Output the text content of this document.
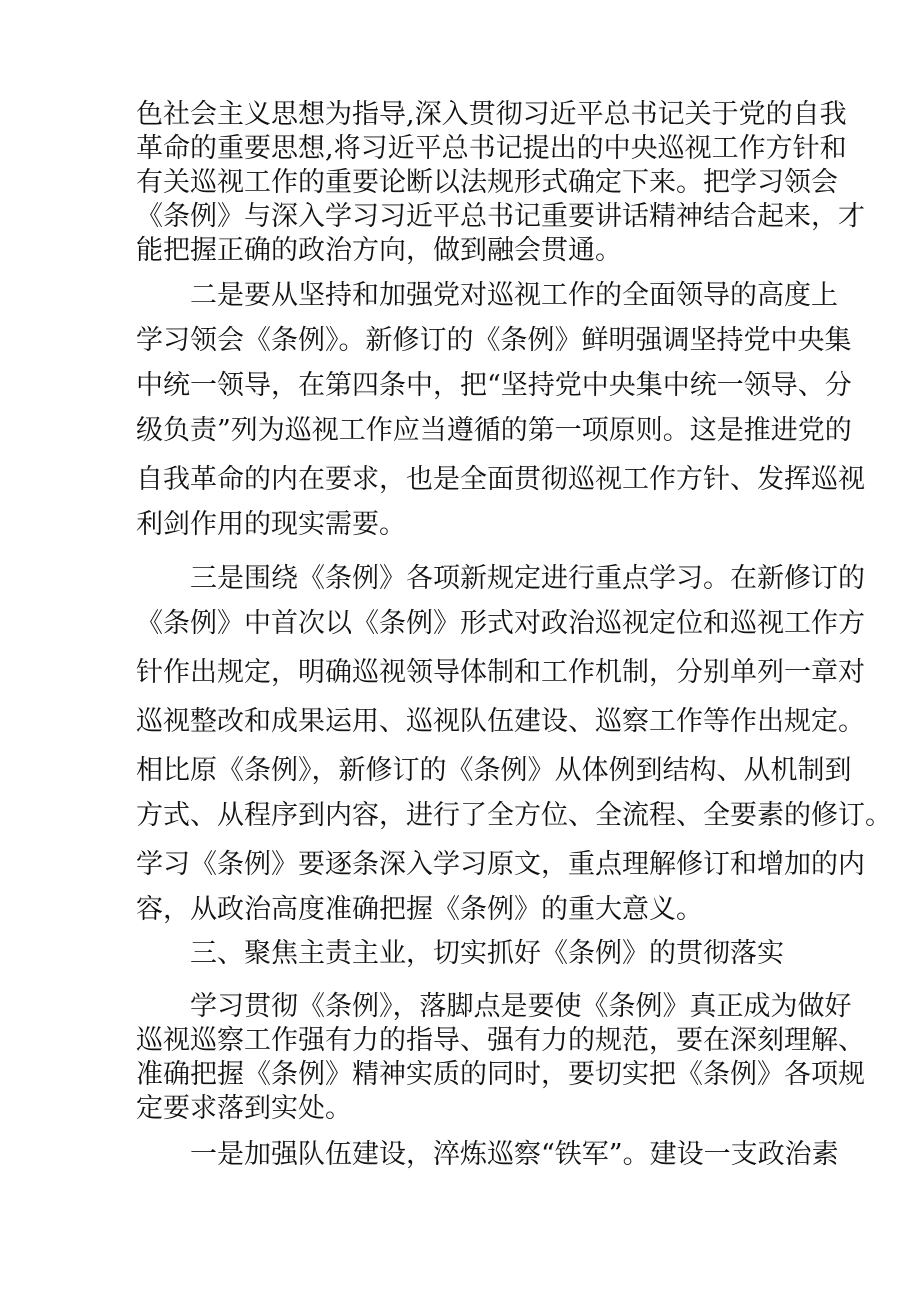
色社会主义思想为指导,深入贯彻习近平总书记关于党的自我

革命的重要思想,将习近平总书记提出的中央巡视工作方针和

有关巡视工作的重要论断以法规形式确定下来。把学习领会

《条例》与深入学习习近平总书记重要讲话精神结合起来，才

能把握正确的政治方向，做到融会贯通。

二是要从坚持和加强党对巡视工作的全面领导的高度上

学习领会《条例》。新修订的《条例》鲜明强调坚持党中央集

中统一领导，在第四条中，把“坚持党中央集中统一领导、分

级负责”列为巡视工作应当遵循的第一项原则。这是推进党的

自我革命的内在要求，也是全面贯彻巡视工作方针、发挥巡视

利剑作用的现实需要。

三是围绕《条例》各项新规定进行重点学习。在新修订的

《条例》中首次以《条例》形式对政治巡视定位和巡视工作方

针作出规定，明确巡视领导体制和工作机制，分别单列一章对

巡视整改和成果运用、巡视队伍建设、巡察工作等作出规定。

相比原《条例》，新修订的《条例》从体例到结构、从机制到

方式、从程序到内容，进行了全方位、全流程、全要素的修订。

学习《条例》要逐条深入学习原文，重点理解修订和增加的内

容，从政治高度准确把握《条例》的重大意义。

三、聚焦主责主业，切实抓好《条例》的贯彻落实

学习贯彻《条例》，落脚点是要使《条例》真正成为做好

巡视巡察工作强有力的指导、强有力的规范，要在深刻理解、

准确把握《条例》精神实质的同时，要切实把《条例》各项规

定要求落到实处。

一是加强队伍建设，淬炼巡察“铁军”。建设一支政治素
